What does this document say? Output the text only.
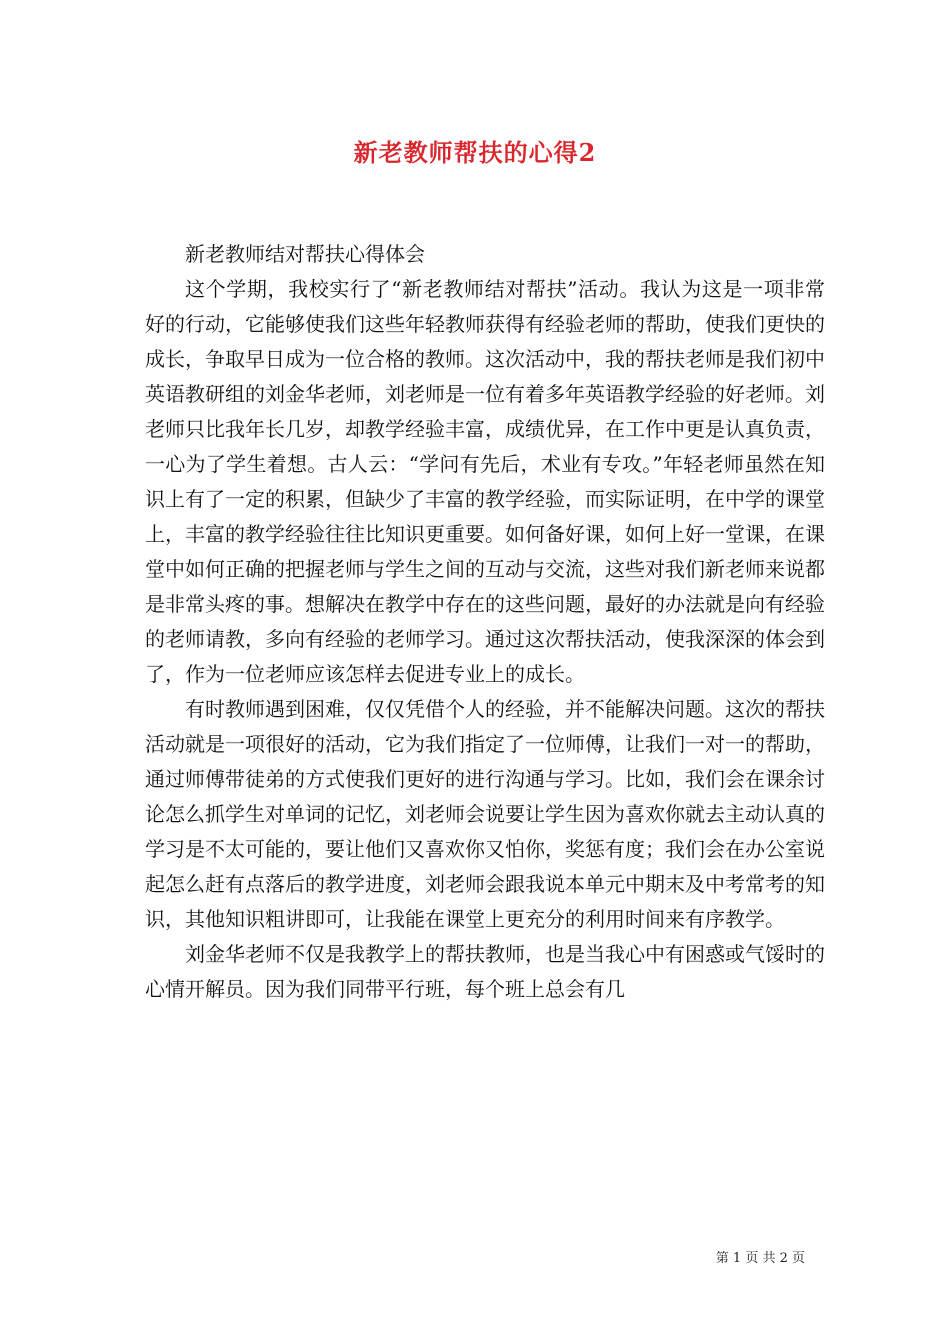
新老教师帮扶的心得2

新老教师结对帮扶心得体会

这个学期，我校实行了“新老教师结对帮扶”活动。我认为这是一项非常好的行动，它能够使我们这些年轻教师获得有经验老师的帮助，使我们更快的成长，争取早日成为一位合格的教师。这次活动中，我的帮扶老师是我们初中英语教研组的刘金华老师，刘老师是一位有着多年英语教学经验的好老师。刘老师只比我年长几岁，却教学经验丰富，成绩优异，在工作中更是认真负责，一心为了学生着想。古人云：“学问有先后，术业有专攻。”年轻老师虽然在知识上有了一定的积累，但缺少了丰富的教学经验，而实际证明，在中学的课堂上，丰富的教学经验往往比知识更重要。如何备好课，如何上好一堂课，在课堂中如何正确的把握老师与学生之间的互动与交流，这些对我们新老师来说都是非常头疼的事。想解决在教学中存在的这些问题，最好的办法就是向有经验的老师请教，多向有经验的老师学习。通过这次帮扶活动，使我深深的体会到了，作为一位老师应该怎样去促进专业上的成长。

有时教师遇到困难，仅仅凭借个人的经验，并不能解决问题。这次的帮扶活动就是一项很好的活动，它为我们指定了一位师傅，让我们一对一的帮助，通过师傅带徒弟的方式使我们更好的进行沟通与学习。比如，我们会在课余讨论怎么抓学生对单词的记忆，刘老师会说要让学生因为喜欢你就去主动认真的学习是不太可能的，要让他们又喜欢你又怕你，奖惩有度；我们会在办公室说起怎么赶有点落后的教学进度，刘老师会跟我说本单元中期末及中考常考的知识，其他知识粗讲即可，让我能在课堂上更充分的利用时间来有序教学。

刘金华老师不仅是我教学上的帮扶教师，也是当我心中有困惑或气馁时的心情开解员。因为我们同带平行班，每个班上总会有几

第 1 页 共 2 页
